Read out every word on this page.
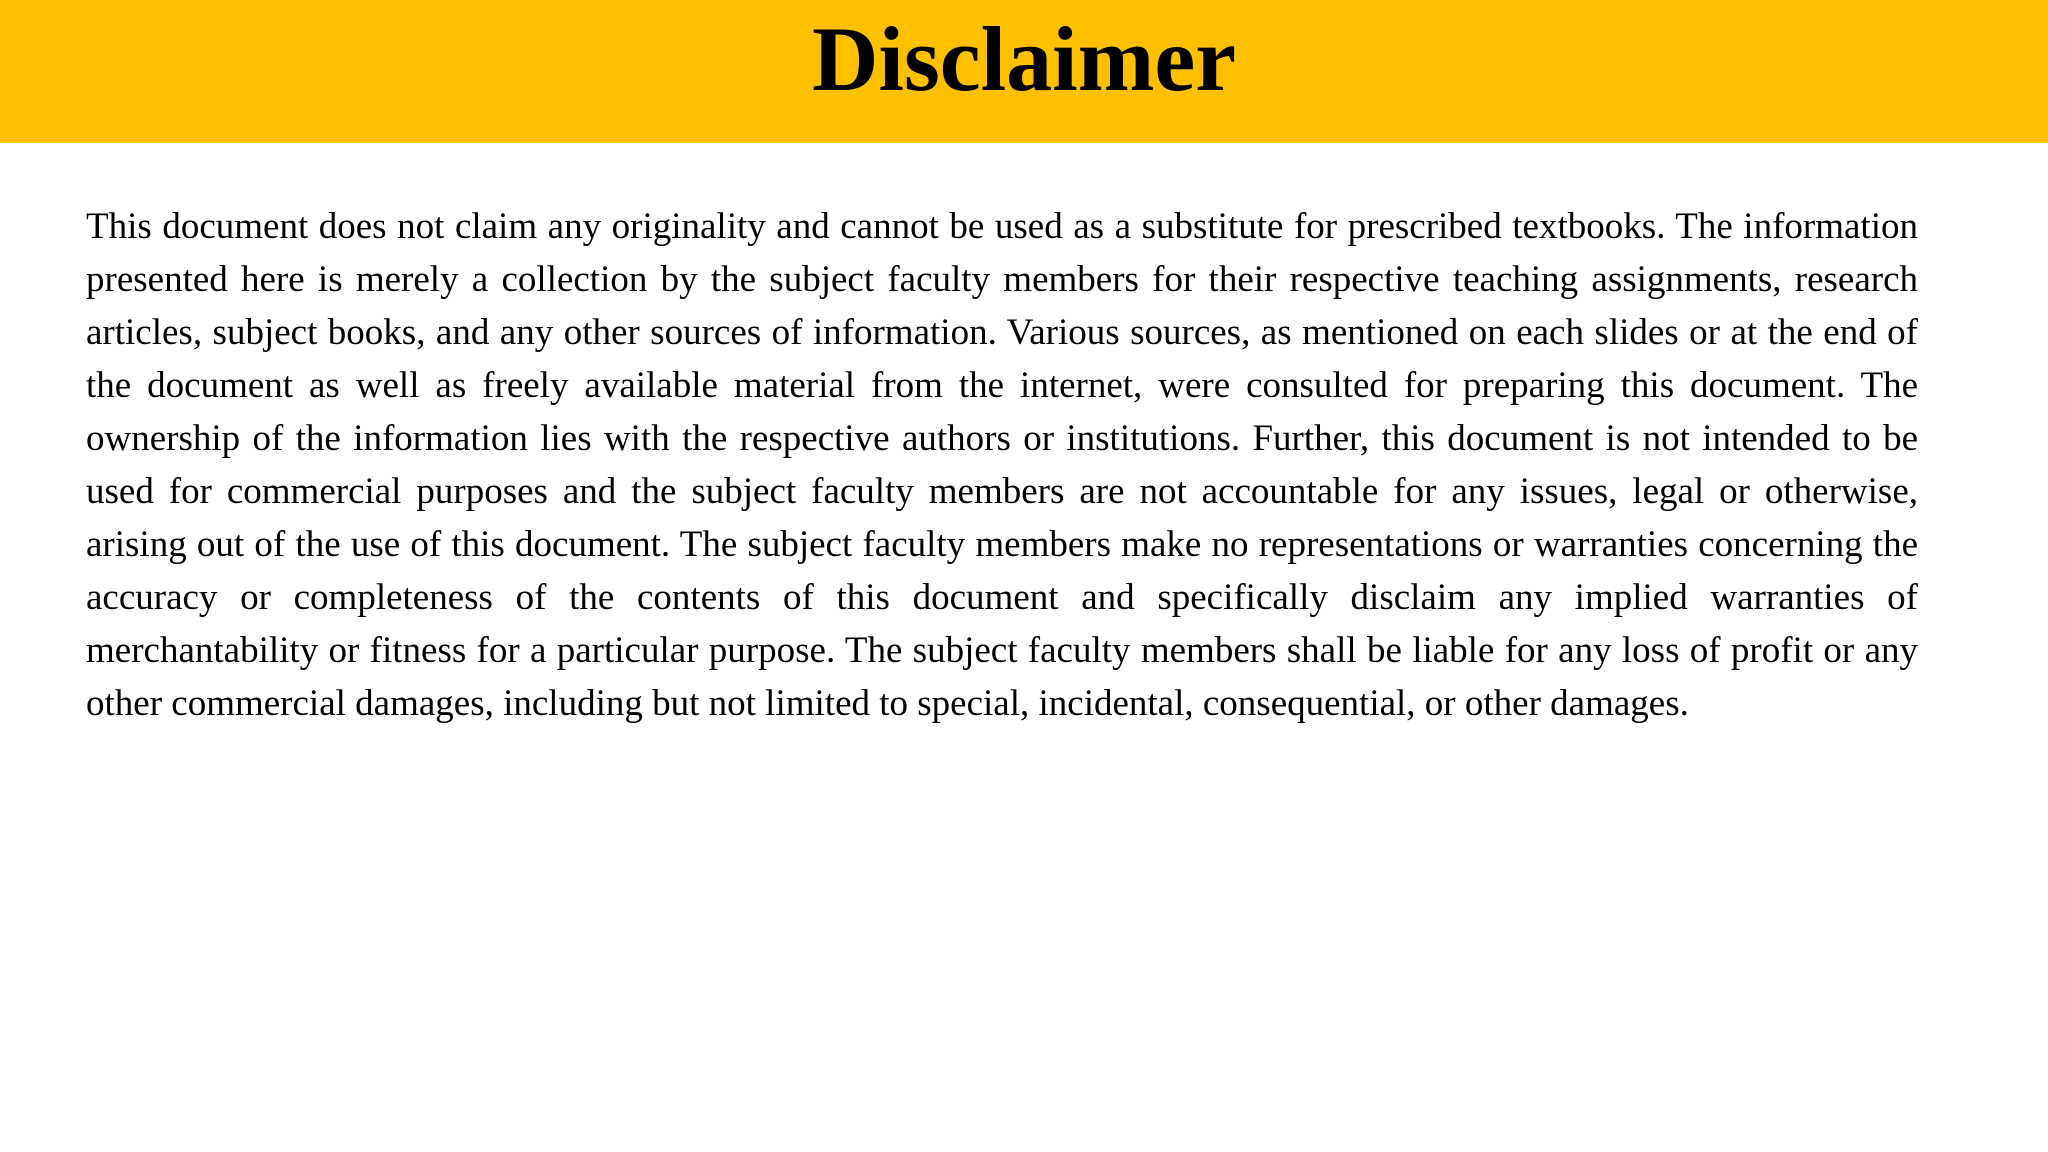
Disclaimer

This document does not claim any originality and cannot be used as a substitute for prescribed textbooks. The information presented here is merely a collection by the subject faculty members for their respective teaching assignments, research articles, subject books, and any other sources of information. Various sources, as mentioned on each slides or at the end of the document as well as freely available material from the internet, were consulted for preparing this document. The ownership of the information lies with the respective authors or institutions. Further, this document is not intended to be used for commercial purposes and the subject faculty members are not accountable for any issues, legal or otherwise, arising out of the use of this document. The subject faculty members make no representations or warranties concerning the accuracy or completeness of the contents of this document and specifically disclaim any implied warranties of merchantability or fitness for a particular purpose. The subject faculty members shall be liable for any loss of profit or any other commercial damages, including but not limited to special, incidental, consequential, or other damages.
